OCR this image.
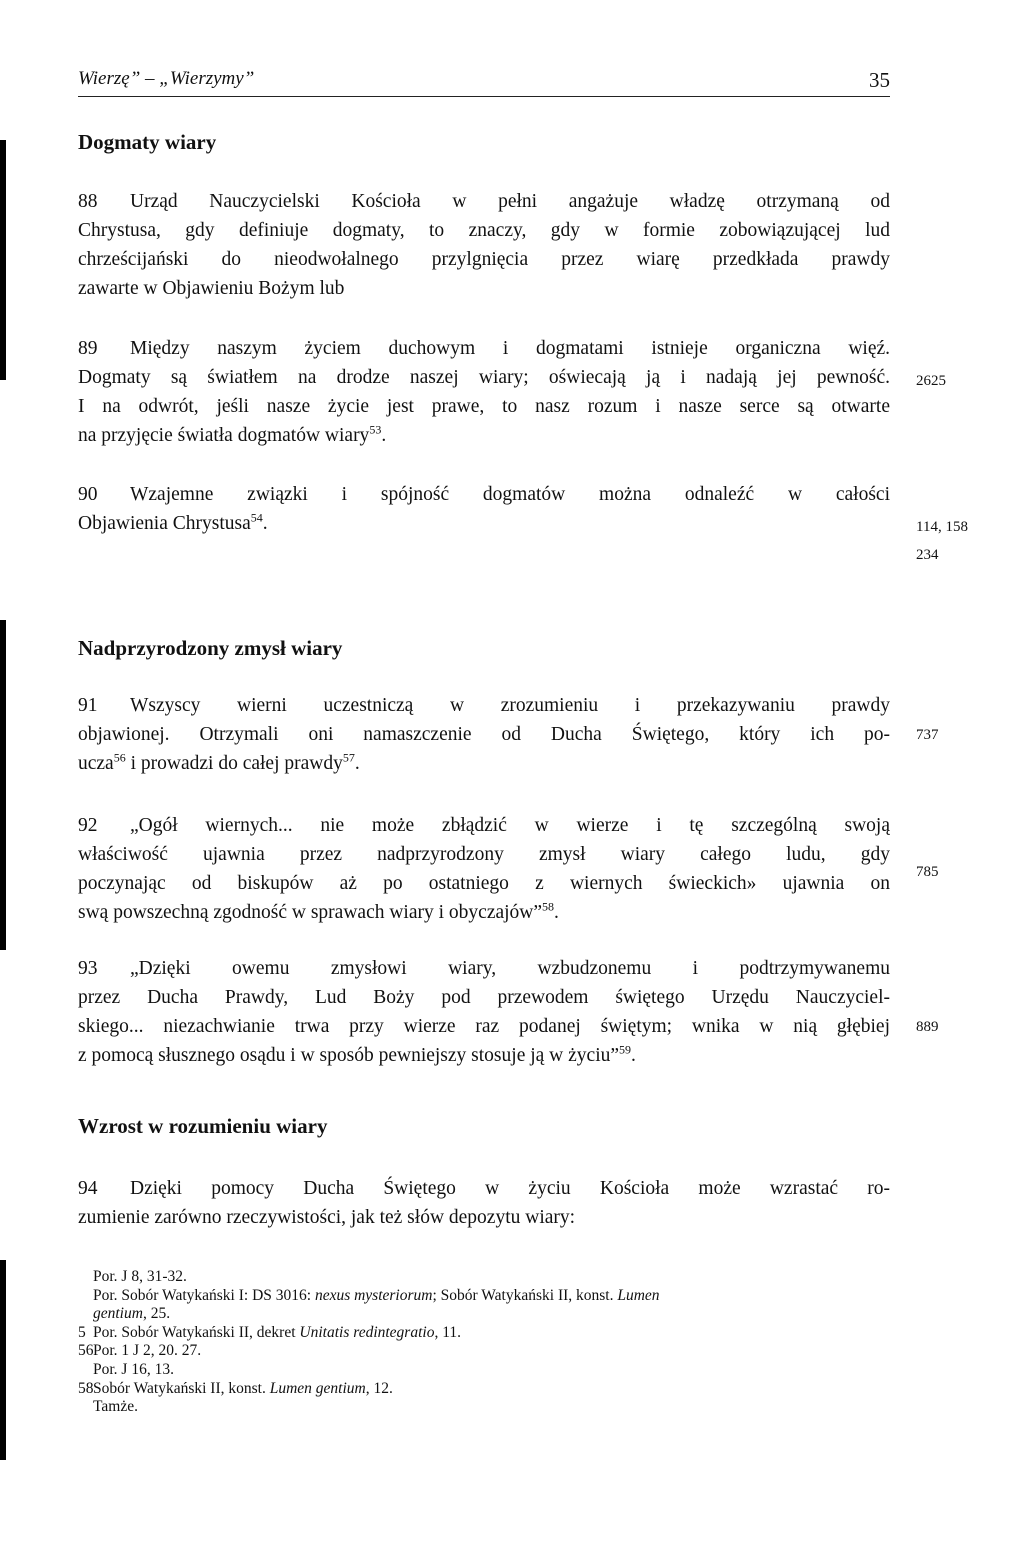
Wierzę” – „Wierzymy”	35
Dogmaty wiary
88 Urząd Nauczycielski Kościoła w pełni angażuje władzę otrzymaną od
Chrystusa, gdy definiuje dogmaty, to znaczy, gdy w formie zobowiązującej lud
chrześcijański do nieodwołalnego przylgnięcia przez wiarę przedkłada prawdy
zawarte w Objawieniu Bożym lub
89 Między naszym życiem duchowym i dogmatami istnieje organiczna więź.
Dogmaty są światłem na drodze naszej wiary; oświecają ją i nadają jej pewność.
I na odwrót, jeśli nasze życie jest prawe, to nasz rozum i nasze serce są otwarte
na przyjęcie światła dogmatów wiary$^{53}$.
2625
90 Wzajemne związki i spójność dogmatów można odnaleźć w całości
Objawienia Chrystusa$^{54}$.	114, 158
234
Nadprzyrodzony zmysł wiary
91 Wszyscy wierni uczestniczą w zrozumieniu i przekazywaniu prawdy
objawionej. Otrzymali oni namaszczenie od Ducha Świętego, który ich po-
ucza$^{56}$ i prowadzi do całej prawdy$^{57}$.
737
92 „Ogół wiernych... nie może zbłądzić w wierze i tę szczególną swoją
właściwość ujawnia przez nadprzyrodzony zmysł wiary całego ludu, gdy
poczynając od biskupów aż po ostatniego z wiernych świeckich» ujawnia on
swą powszechną zgodność w sprawach wiary i obyczajów”$^{58}$.
785
93 „Dzięki owemu zmysłowi wiary, wzbudzonemu i podtrzymywanemu
przez Ducha Prawdy, Lud Boży pod przewodem świętego Urzędu Nauczyciel-
skiego... niezachwianie trwa przy wierze raz podanej świętym; wnika w nią głębiej
z pomocą słusznego osądu i w sposób pewniejszy stosuje ją w życiu”$^{59}$.
889
Wzrost w rozumieniu wiary
94 Dzięki pomocy Ducha Świętego w życiu Kościoła może wzrastać ro-
zumienie zarówno rzeczywistości, jak też słów depozytu wiary:
Por. J 8, 31-32.
Por. Sobór Watykański I: DS 3016: nexus mysteriorum; Sobór Watykański II, konst. Lumen
gentium, 25.
5 Por. Sobór Watykański II, dekret Unitatis redintegratio, 11.
56Por. 1 J 2, 20. 27.
Por. J 16, 13.
58Sobór Watykański II, konst. Lumen gentium, 12.
Tamże.
